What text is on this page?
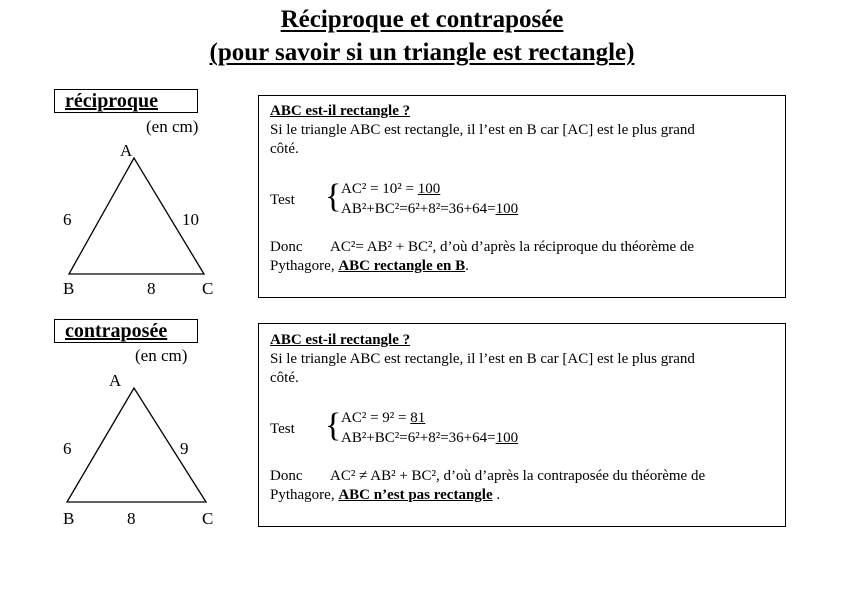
Réciproque et contraposée
(pour savoir si un triangle est rectangle)
réciproque
(en cm)
A
B	C
6	10
8
ABC est-il rectangle ?
Si le triangle ABC est rectangle, il l’est en B car [AC] est le plus grand
côté.
Test { AC² = 10² = 100
AB²+BC²=6²+8²=36+64=100
Donc AC²= AB² + BC², d’où d’après la réciproque du théorème de
Pythagore, ABC rectangle en B.
contraposée
(en cm)
A
B	C
6	9
8
ABC est-il rectangle ?
Si le triangle ABC est rectangle, il l’est en B car [AC] est le plus grand
côté.
Test { AC² = 9² = 81
AB²+BC²=6²+8²=36+64=100
Donc AC² ≠ AB² + BC², d’où d’après la contraposée du théorème de
Pythagore, ABC n’est pas rectangle .
